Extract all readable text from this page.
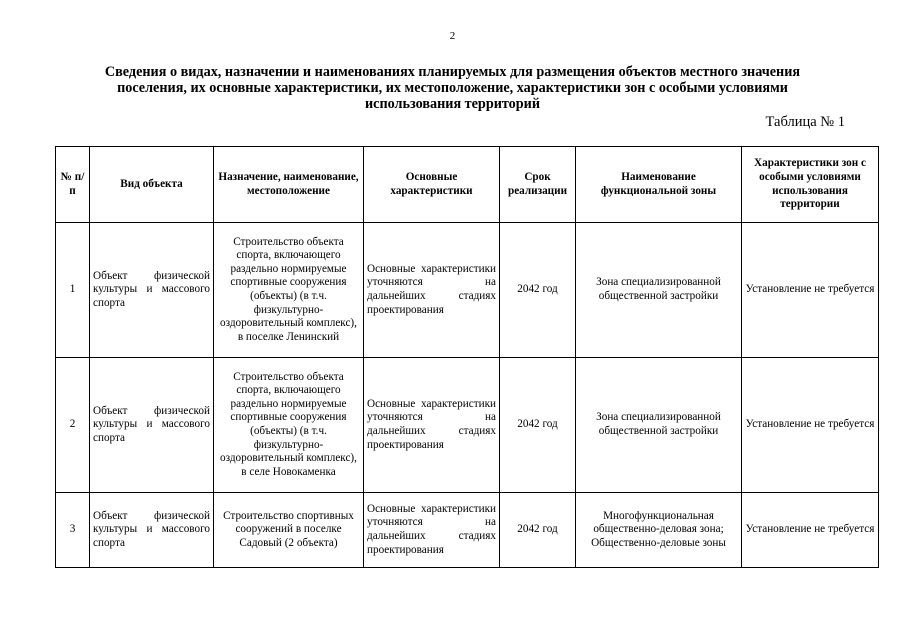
2
Сведения о видах, назначении и наименованиях планируемых для размещения объектов местного значения поселения, их основные характеристики, их местоположение, характеристики зон с особыми условиями использования территорий
Таблица № 1
№ п/п	Вид объекта	Назначение, наименование, местоположение	Основные характеристики	Срок реализации	Наименование функциональной зоны	Характеристики зон с особыми условиями использования территории
1	Объект физической культуры и массового спорта	Строительство объекта спорта, включающего раздельно нормируемые спортивные сооружения (объекты) (в т.ч. физкультурно-оздоровительный комплекс), в поселке Ленинский	Основные характеристики уточняются на дальнейших стадиях проектирования	2042 год	Зона специализированной общественной застройки	Установление не требуется
2	Объект физической культуры и массового спорта	Строительство объекта спорта, включающего раздельно нормируемые спортивные сооружения (объекты) (в т.ч. физкультурно-оздоровительный комплекс), в селе Новокаменка	Основные характеристики уточняются на дальнейших стадиях проектирования	2042 год	Зона специализированной общественной застройки	Установление не требуется
3	Объект физической культуры и массового спорта	Строительство спортивных сооружений в поселке Садовый (2 объекта)	Основные характеристики уточняются на дальнейших стадиях проектирования	2042 год	Многофункциональная общественно-деловая зона; Общественно-деловые зоны	Установление не требуется
